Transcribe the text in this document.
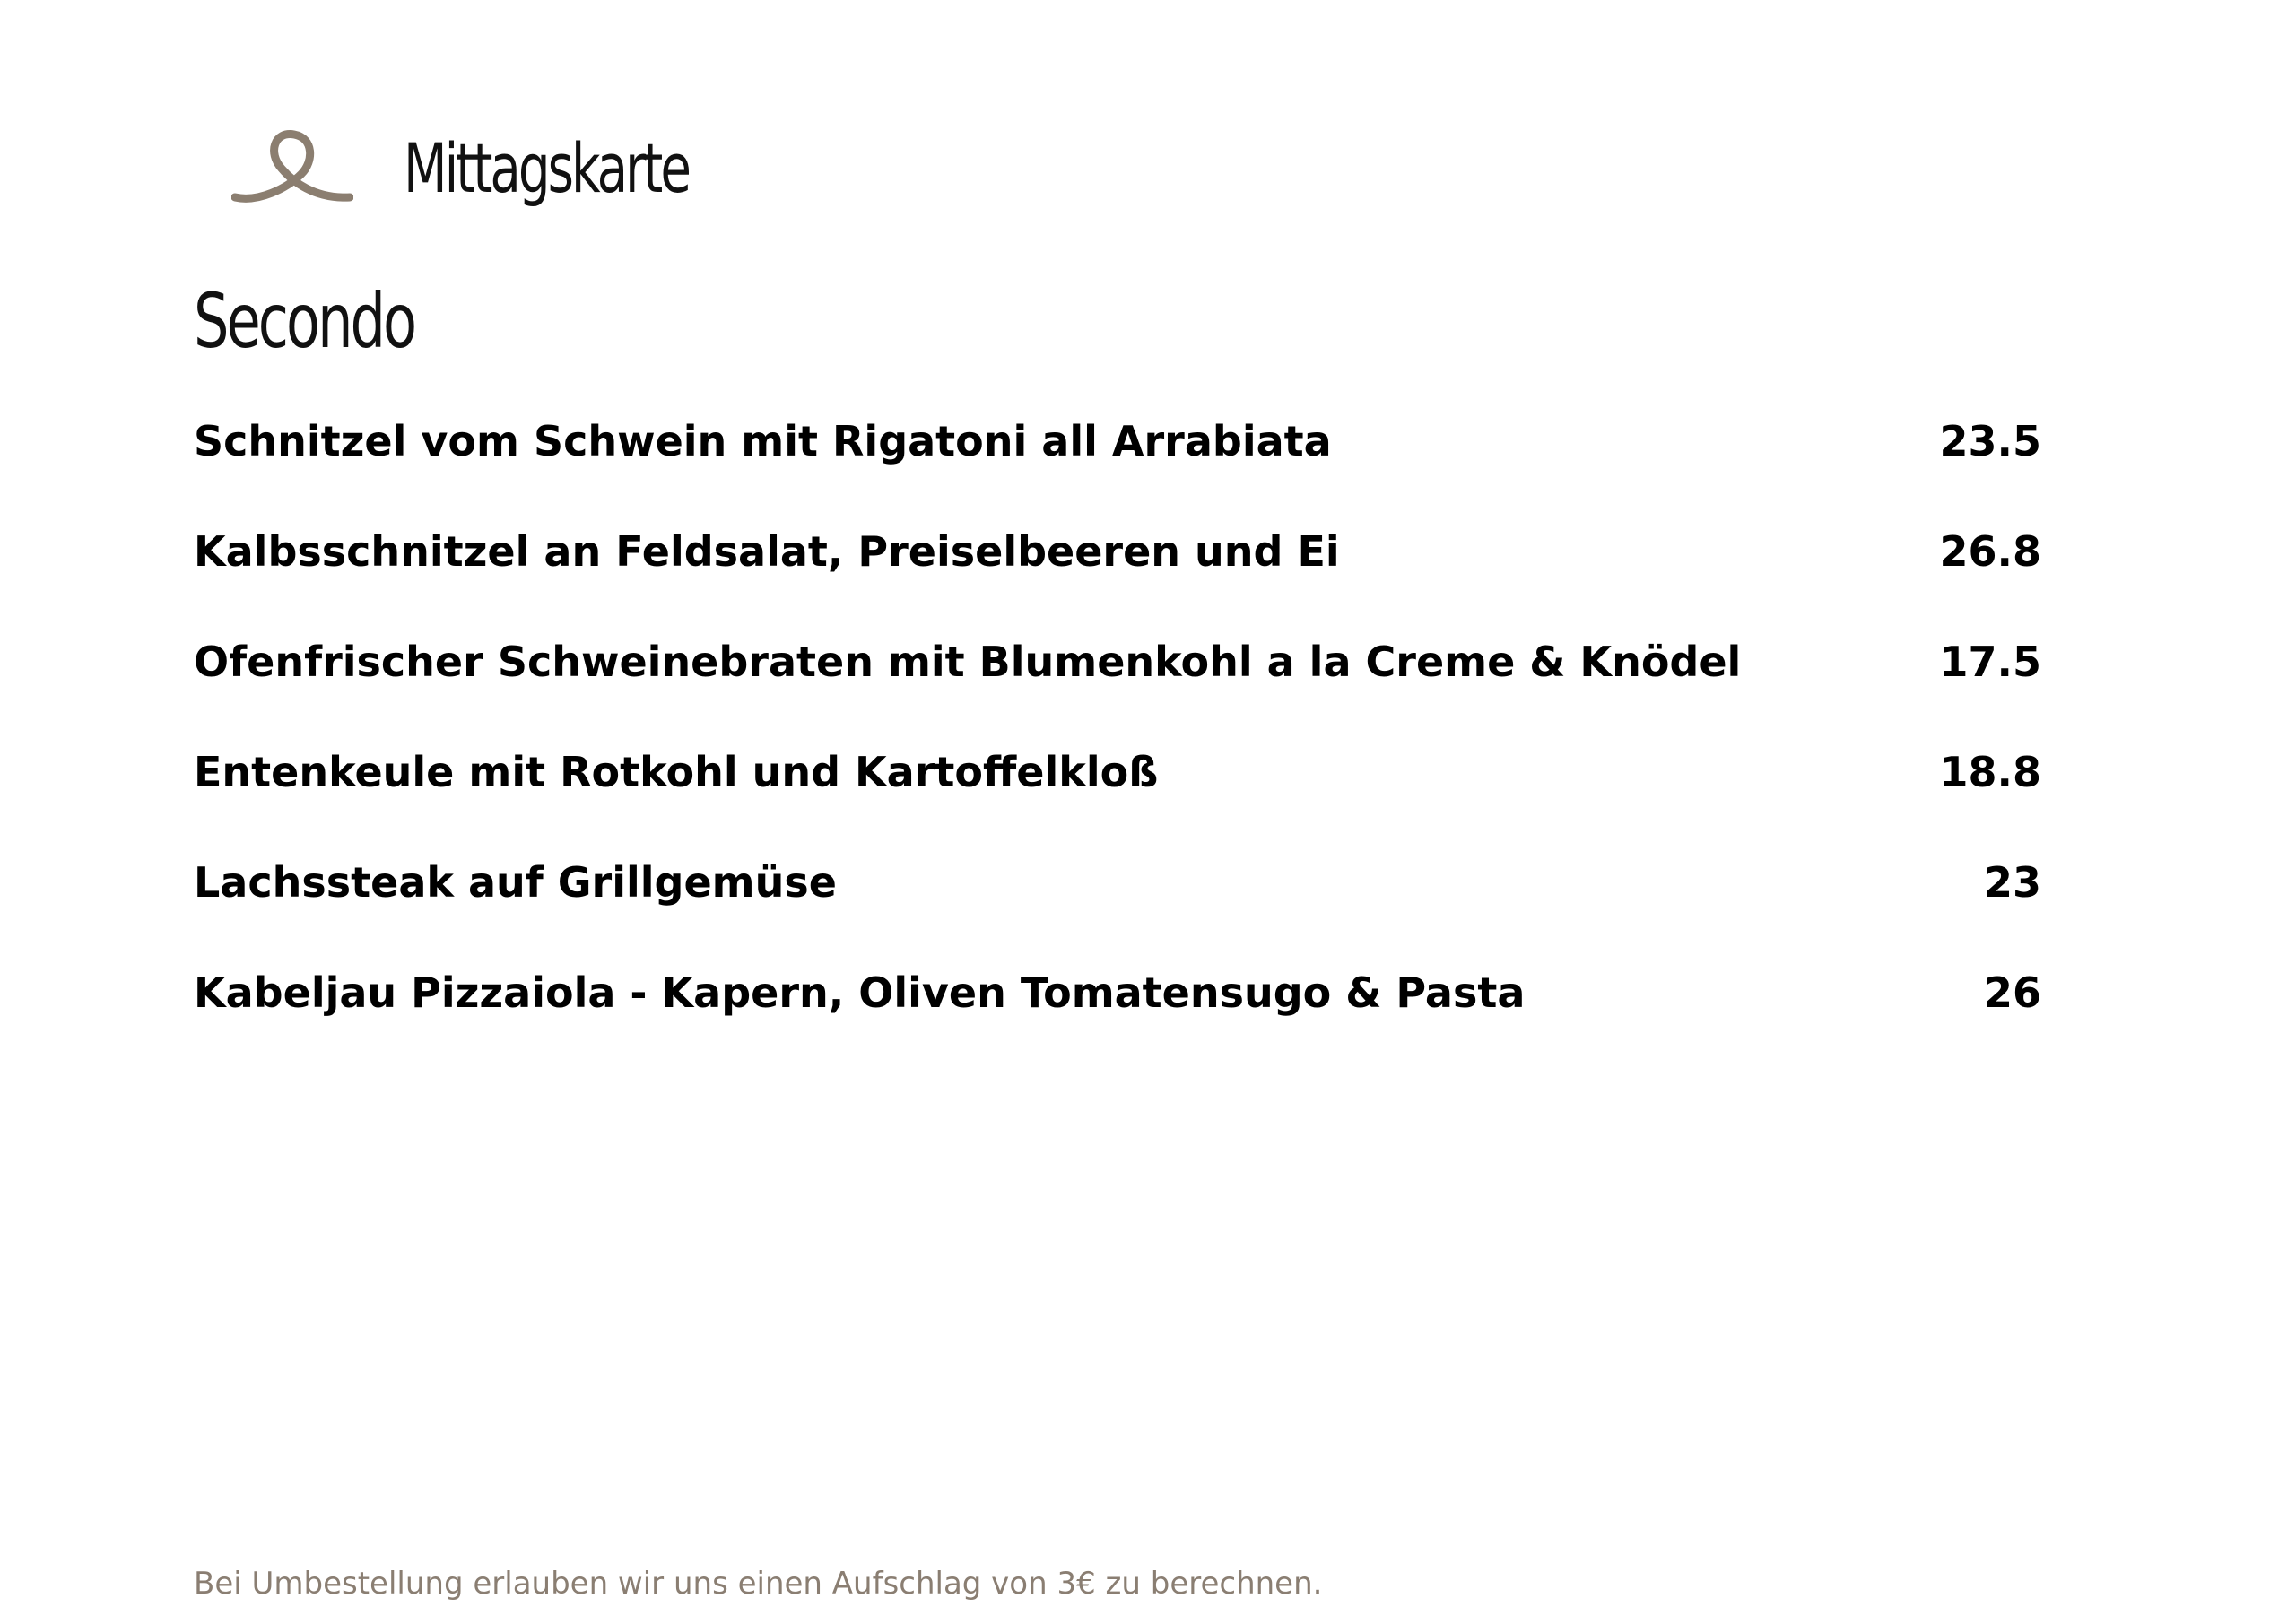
Mittagskarte
Secondo
Schnitzel vom Schwein mit Rigatoni all Arrabiata	23.5
Kalbsschnitzel an Feldsalat, Preiselbeeren und Ei	26.8
Ofenfrischer Schweinebraten mit Blumenkohl a la Creme & Knödel	17.5
Entenkeule mit Rotkohl und Kartoffelkloß	18.8
Lachssteak auf Grillgemüse	23
Kabeljau Pizzaiola - Kapern, Oliven Tomatensugo & Pasta	26
Bei Umbestellung erlauben wir uns einen Aufschlag von 3€ zu berechnen.
